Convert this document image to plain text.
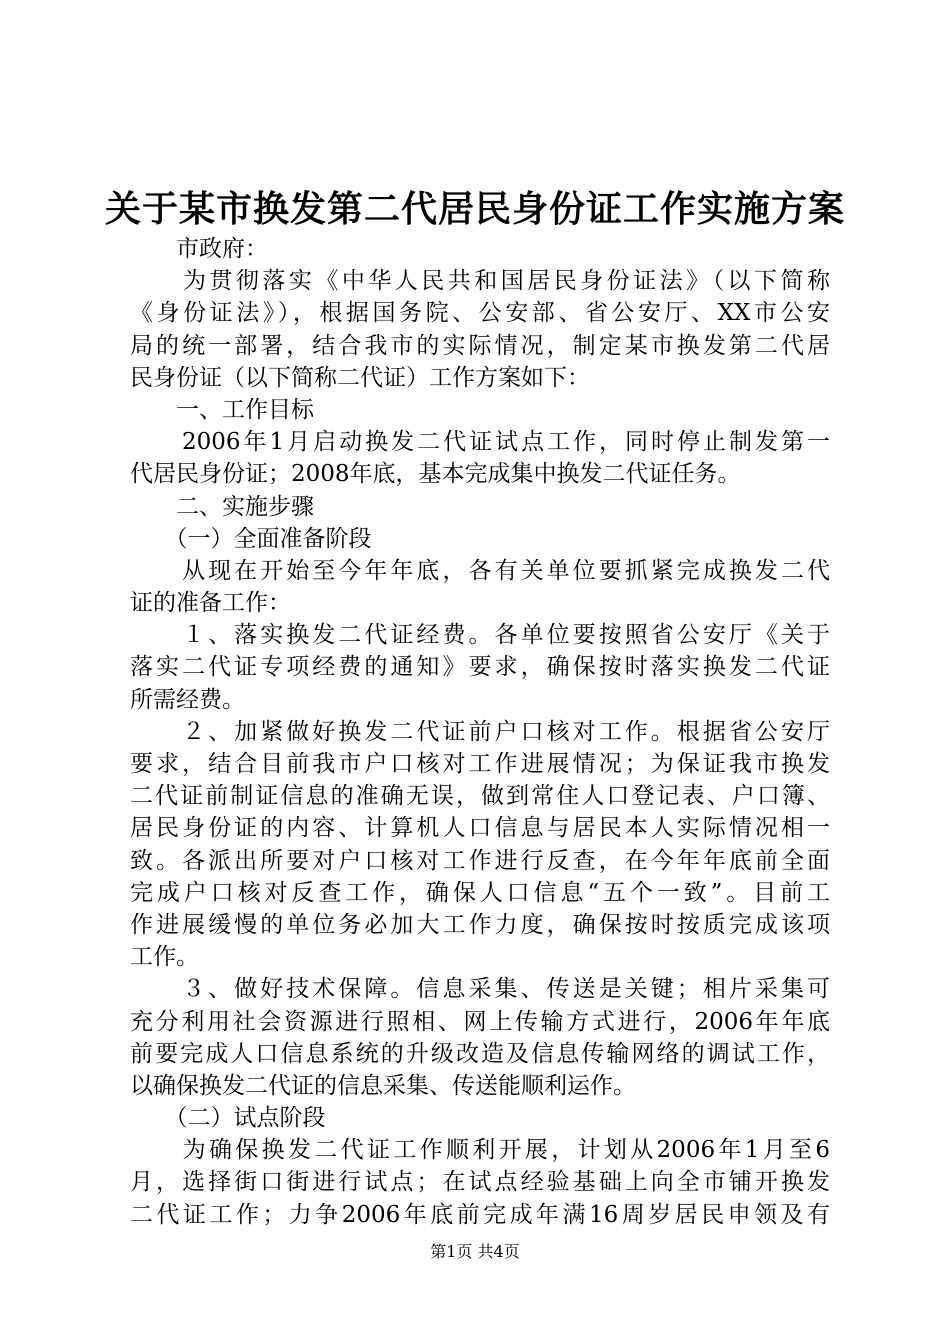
关于某市换发第二代居民身份证工作实施方案
　　市政府：
　　为贯彻落实《中华人民共和国居民身份证法》（以下简称
《身份证法》），根据国务院、公安部、省公安厅、XX市公安
局的统一部署，结合我市的实际情况，制定某市换发第二代居
民身份证（以下简称二代证）工作方案如下：
　　一、工作目标
　　2006年1月启动换发二代证试点工作，同时停止制发第一
代居民身份证；2008年底，基本完成集中换发二代证任务。
　　二、实施步骤
　　（一）全面准备阶段
　　从现在开始至今年年底，各有关单位要抓紧完成换发二代
证的准备工作：
　　１、落实换发二代证经费。各单位要按照省公安厅《关于
落实二代证专项经费的通知》要求，确保按时落实换发二代证
所需经费。
　　２、加紧做好换发二代证前户口核对工作。根据省公安厅
要求，结合目前我市户口核对工作进展情况；为保证我市换发
二代证前制证信息的准确无误，做到常住人口登记表、户口簿、
居民身份证的内容、计算机人口信息与居民本人实际情况相一
致。各派出所要对户口核对工作进行反查，在今年年底前全面
完成户口核对反查工作，确保人口信息“五个一致”。目前工
作进展缓慢的单位务必加大工作力度，确保按时按质完成该项
工作。
　　３、做好技术保障。信息采集、传送是关键；相片采集可
充分利用社会资源进行照相、网上传输方式进行，2006年年底
前要完成人口信息系统的升级改造及信息传输网络的调试工作，
以确保换发二代证的信息采集、传送能顺利运作。
　　（二）试点阶段
　　为确保换发二代证工作顺利开展，计划从2006年1月至6
月，选择街口街进行试点；在试点经验基础上向全市铺开换发
二代证工作；力争2006年底前完成年满16周岁居民申领及有
第1页 共4页
